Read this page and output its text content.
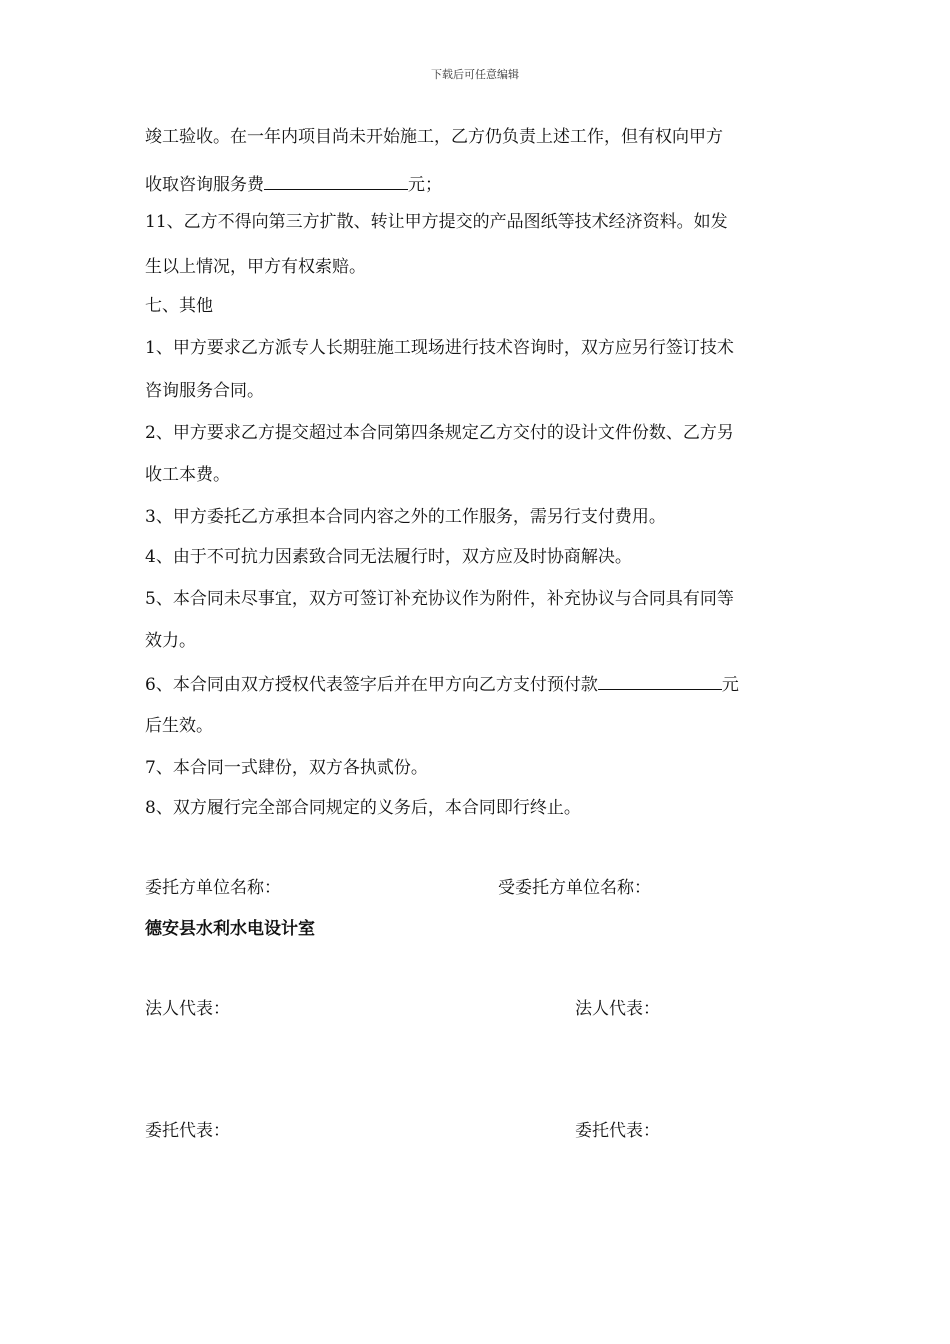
下载后可任意编辑
竣工验收。在一年内项目尚未开始施工，乙方仍负责上述工作，但有权向甲方
收取咨询服务费	元；
11、乙方不得向第三方扩散、转让甲方提交的产品图纸等技术经济资料。如发
生以上情况，甲方有权索赔。
七、其他
1、甲方要求乙方派专人长期驻施工现场进行技术咨询时，双方应另行签订技术
咨询服务合同。
2、甲方要求乙方提交超过本合同第四条规定乙方交付的设计文件份数、乙方另
收工本费。
3、甲方委托乙方承担本合同内容之外的工作服务，需另行支付费用。
4、由于不可抗力因素致合同无法履行时，双方应及时协商解决。
5、本合同未尽事宜，双方可签订补充协议作为附件，补充协议与合同具有同等
效力。
6、本合同由双方授权代表签字后并在甲方向乙方支付预付款	元
后生效。
7、本合同一式肆份，双方各执贰份。
8、双方履行完全部合同规定的义务后，本合同即行终止。
委托方单位名称：	受委托方单位名称：
德安县水利水电设计室
法人代表：	法人代表：
委托代表：	委托代表：
